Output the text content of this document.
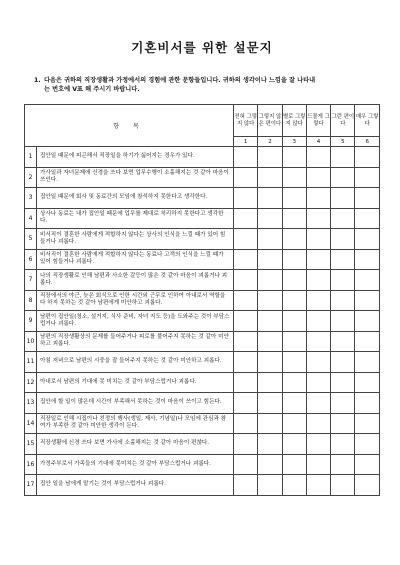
기혼비서를 위한 설문지
1. 다음은 귀하의 직장생활과 가정에서의 경험에 관한 문항들입니다. 귀하의 생각이나 느낌을 잘 나타내
는 번호에 V표 해 주시기 바랍니다.
항 목		전혀 그렇지 않다	그렇지 않은 편이다	별로 그렇지 않다	드물게 그렇다	그런 편이다	매우 그렇다
		1	2	3	4	5	6
1	집안일 때문에 피곤해서 직장일을 하기가 싫어지는 경우가 있다.						
2	가사일과 자녀문제에 신경을 쓰다 보면 업무수행이 소홀해지는 것 같아 마음이 쓰인다.						
3	집안일 때문에 회사 및 동료간의 모임에 참석하지 못한다고 생각한다.						
4	상사나 동료는 내가 집안일 때문에 업무를 제대로 처리하지 못한다고 생각한다.						
5	비서직이 결혼한 사람에게 적합하지 않다는 상사의 인식을 느낄 때가 있어 힘들거나 괴롭다.						
6	비서직이 결혼한 사람에게 적합하지 않다는 동료나 고객의 인식을 느낄 때가 있어 힘들거나 괴롭다.						
7	나의 직장생활로 인해 남편과 사소한 갈등이 많은 것 같아 마음이 괴롭거나 괴롭다.						
8	직장에서의 야근, 늦은 회식으로 인한 시간외 근무로 인하여 아내로서 역할을 다 하지 못하는 것 같아 남편에게 미안하고 괴롭다.						
9	남편이 집안일(청소, 설거지, 식사 준비, 자녀 지도 등)을 도와주는 것이 부담스럽거나 괴롭다.						
10	남편의 직장생활상의 문제를 들어주거나 피로를 풀어주지 못하는 것 같아 미안하고 괴롭다.						
11	아침 저녁으로 남편의 시중을 잘 들어주지 못하는 것 같아 미안하고 괴롭다.						
12	아내로서 남편의 기대에 못 미치는 것 같아 부담스럽거나 괴롭다.						
13	집안에 할 일이 많은데 시간이 부족해서 못하는 것이 마음이 쓰이고 힘든다.						
14	직장일로 인해 시집이나 친정의 행사(생일, 제사, 기념일)나 모임에 관심과 참여가 부족한 것 같아 미안한 생각이 든다.						
15	직장생활에 신경 쓰다 보면 가사에 소홀해지는 것 같아 마음이 편찮다.						
16	가정주부로서 가족들의 기대에 못미치는 것 같아 부담스럽거나 괴롭다.						
17	집안 일을 남에게 맡기는 것이 부담스럽거나 괴롭다.						
